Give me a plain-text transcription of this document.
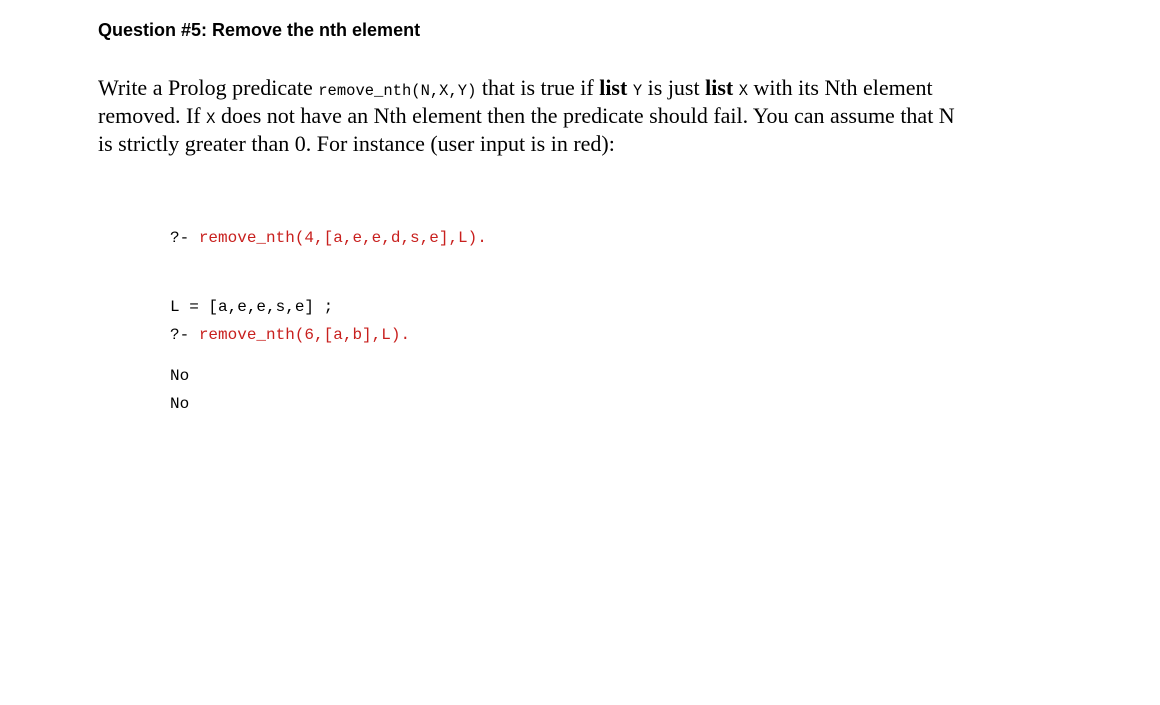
Question #5: Remove the nth element
Write a Prolog predicate remove_nth(N,X,Y) that is true if list Y is just list X with its Nth element
removed. If X does not have an Nth element then the predicate should fail. You can assume that N
is strictly greater than 0. For instance (user input is in red):

?- remove_nth(4,[a,e,e,d,s,e],L).

L = [a,e,e,s,e] ;

No

?- remove_nth(6,[a,b],L).

No
